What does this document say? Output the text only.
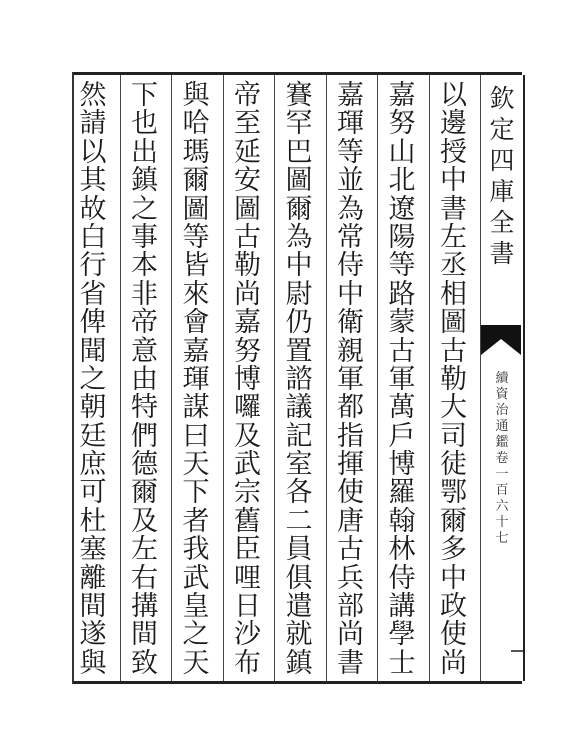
以
邊
授
中
書
左
丞
相
圖
古
勒
大
司
徒
鄂
爾
多
中
政
使
尚
嘉
努
山
北
遼
陽
等
路
蒙
古
軍
萬
戶
博
羅
翰
林
侍
講
學
士
嘉
琿
等
並
為
常
侍
中
衛
親
軍
都
指
揮
使
唐
古
兵
部
尚
書
賽
罕
巴
圖
爾
為
中
尉
仍
置
諮
議
記
室
各
二
員
俱
遣
就
鎮
帝
至
延
安
圖
古
勒
尚
嘉
努
博
囉
及
武
宗
舊
臣
哩
日
沙
布
與
哈
瑪
爾
圖
等
皆
來
會
嘉
琿
謀
曰
天
下
者
我
武
皇
之
天
下
也
出
鎮
之
事
本
非
帝
意
由
特
們
德
爾
及
左
右
搆
間
致
然
請
以
其
故
白
行
省
俾
聞
之
朝
廷
庶
可
杜
塞
離
間
遂
與
欽
定
四
庫
全
書
續
資
治
通
鑑
卷
一
百
六
十
七
